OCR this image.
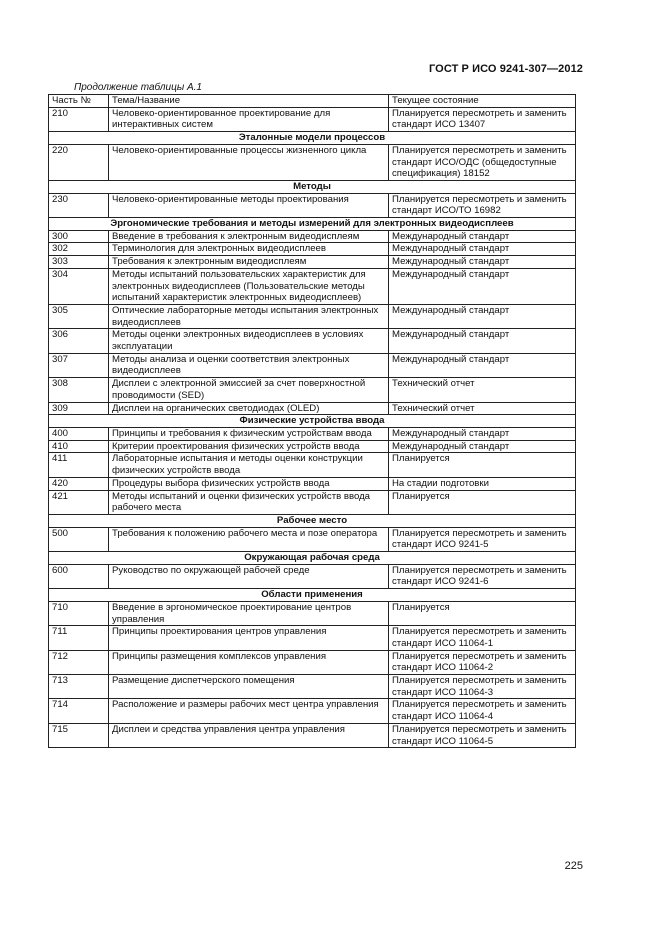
ГОСТ Р ИСО 9241-307—2012
Продолжение таблицы А.1
Часть №	Тема/Название	Текущее состояние
210	Человеко-ориентированное проектирование для интерактивных систем	Планируется пересмотреть и заменить стандарт ИСО 13407
Эталонные модели процессов		
220	Человеко-ориентированные процессы жизненного цикла	Планируется пересмотреть и заменить стандарт ИСО/ОДС (общедоступные спецификация) 18152
Методы		
230	Человеко-ориентированные методы проектирования	Планируется пересмотреть и заменить стандарт ИСО/ТО 16982
Эргономические требования и методы измерений для электронных видеодисплеев		
300	Введение в требования к электронным видеодисплеям	Международный стандарт
302	Терминология для электронных видеодисплеев	Международный стандарт
303	Требования к электронным видеодисплеям	Международный стандарт
304	Методы испытаний пользовательских характеристик для электронных видеодисплеев (Пользовательские методы испытаний характеристик электронных видеодисплеев)	Международный стандарт
305	Оптические лабораторные методы испытания электронных видеодисплеев	Международный стандарт
306	Методы оценки электронных видеодисплеев в условиях эксплуатации	Международный стандарт
307	Методы анализа и оценки соответствия электронных видеодисплеев	Международный стандарт
308	Дисплеи с электронной эмиссией за счет поверхностной проводимости (SED)	Технический отчет
309	Дисплеи на органических светодиодах (OLED)	Технический отчет
Физические устройства ввода		
400	Принципы и требования к физическим устройствам ввода	Международный стандарт
410	Критерии проектирования физических устройств ввода	Международный стандарт
411	Лабораторные испытания и методы оценки конструкции физических устройств ввода	Планируется
420	Процедуры выбора физических устройств ввода	На стадии подготовки
421	Методы испытаний и оценки физических устройств ввода рабочего места	Планируется
Рабочее место		
500	Требования к положению рабочего места и позе оператора	Планируется пересмотреть и заменить стандарт ИСО 9241-5
Окружающая рабочая среда		
600	Руководство по окружающей рабочей среде	Планируется пересмотреть и заменить стандарт ИСО 9241-6
Области применения		
710	Введение в эргономическое проектирование центров управления	Планируется
711	Принципы проектирования центров управления	Планируется пересмотреть и заменить стандарт ИСО 11064-1
712	Принципы размещения комплексов управления	Планируется пересмотреть и заменить стандарт ИСО 11064-2
713	Размещение диспетчерского помещения	Планируется пересмотреть и заменить стандарт ИСО 11064-3
714	Расположение и размеры рабочих мест центра управления	Планируется пересмотреть и заменить стандарт ИСО 11064-4
715	Дисплеи и средства управления центра управления	Планируется пересмотреть и заменить стандарт ИСО 11064-5
225
